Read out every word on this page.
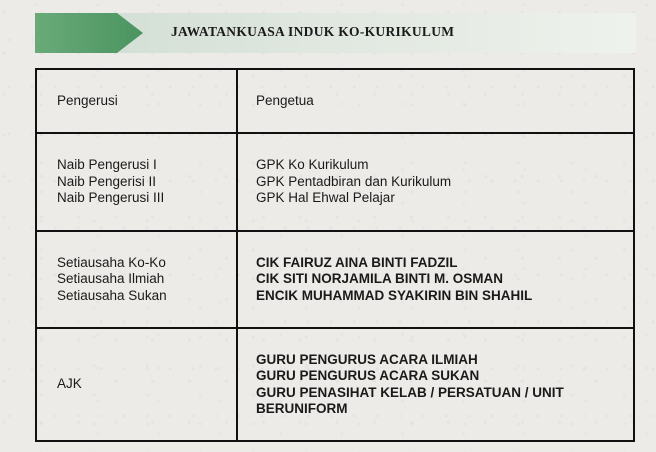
JAWATANKUASA INDUK KO-KURIKULUM
Pengerusi	Pengetua
Naib Pengerusi I
Naib Pengerisi II
Naib Pengerusi III
GPK Ko Kurikulum
GPK Pentadbiran dan Kurikulum
GPK Hal Ehwal Pelajar
Setiausaha Ko-Ko
Setiausaha Ilmiah
Setiausaha Sukan
CIK FAIRUZ AINA BINTI FADZIL
CIK SITI NORJAMILA BINTI M. OSMAN
ENCIK MUHAMMAD SYAKIRIN BIN SHAHIL
AJK
GURU PENGURUS ACARA ILMIAH
GURU PENGURUS ACARA SUKAN
GURU PENASIHAT KELAB / PERSATUAN / UNIT
BERUNIFORM
